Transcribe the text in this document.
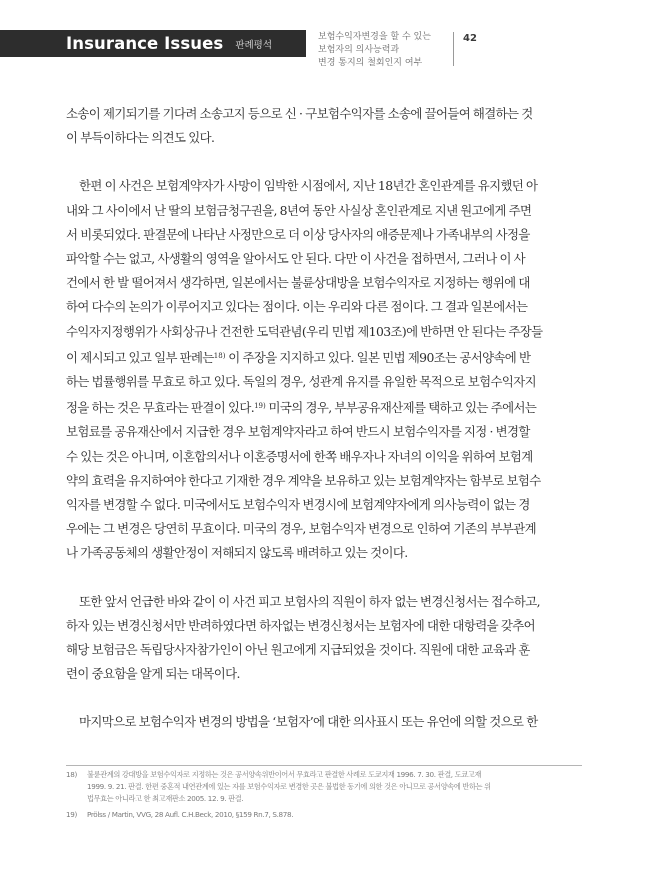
Insurance Issues 판례평석
보험수익자변경을 할 수 있는
보험자의 의사능력과
변경 통지의 철회인지 여부
42

소송이 제기되기를 기다려 소송고지 등으로 신 · 구보험수익자를 소송에 끌어들여 해결하는 것
이 부득이하다는 의견도 있다.

한편 이 사건은 보험계약자가 사망이 임박한 시점에서, 지난 18년간 혼인관계를 유지했던 아
내와 그 사이에서 난 딸의 보험금청구권을, 8년여 동안 사실상 혼인관계로 지낸 원고에게 주면
서 비롯되었다. 판결문에 나타난 사정만으로 더 이상 당사자의 애증문제나 가족내부의 사정을
파악할 수는 없고, 사생활의 영역을 알아서도 안 된다. 다만 이 사건을 접하면서, 그러나 이 사
건에서 한 발 떨어져서 생각하면, 일본에서는 불륜상대방을 보험수익자로 지정하는 행위에 대
하여 다수의 논의가 이루어지고 있다는 점이다. 이는 우리와 다른 점이다. 그 결과 일본에서는
수익자지정행위가 사회상규나 건전한 도덕관념(우리 민법 제103조)에 반하면 안 된다는 주장들
이 제시되고 있고 일부 판례는$^{18)}$ 이 주장을 지지하고 있다. 일본 민법 제90조는 공서양속에 반
하는 법률행위를 무효로 하고 있다. 독일의 경우, 성관계 유지를 유일한 목적으로 보험수익자지
정을 하는 것은 무효라는 판결이 있다.$^{19)}$ 미국의 경우, 부부공유재산제를 택하고 있는 주에서는
보험료를 공유재산에서 지급한 경우 보험계약자라고 하여 반드시 보험수익자를 지정 · 변경할
수 있는 것은 아니며, 이혼합의서나 이혼증명서에 한쪽 배우자나 자녀의 이익을 위하여 보험계
약의 효력을 유지하여야 한다고 기재한 경우 계약을 보유하고 있는 보험계약자는 함부로 보험수
익자를 변경할 수 없다. 미국에서도 보험수익자 변경시에 보험계약자에게 의사능력이 없는 경
우에는 그 변경은 당연히 무효이다. 미국의 경우, 보험수익자 변경으로 인하여 기존의 부부관계
나 가족공동체의 생활안정이 저해되지 않도록 배려하고 있는 것이다.

또한 앞서 언급한 바와 같이 이 사건 피고 보험사의 직원이 하자 없는 변경신청서는 접수하고,
하자 있는 변경신청서만 반려하였다면 하자없는 변경신청서는 보험자에 대한 대항력을 갖추어
해당 보험금은 독립당사자참가인이 아닌 원고에게 지급되었을 것이다. 직원에 대한 교육과 훈
련이 중요함을 알게 되는 대목이다.

마지막으로 보험수익자 변경의 방법을 ‘보험자’에 대한 의사표시 또는 유언에 의할 것으로 한

18) 불륜관계의 강대방을 보험수익자로 지정하는 것은 공서양속위반이어서 무효라고 판결한 사례로 도쿄지재 1996. 7. 30. 판결, 도쿄고재
1999. 9. 21. 판결. 한편 중혼적 내연관계에 있는 자를 보험수익자로 변경한 곳은 불법한 동기에 의한 것은 아니므로 공서양속에 반하는 위
법무효는 아니라고 한 최고재판소 2005. 12. 9. 판결.
19) Prölss / Martin, VVG, 28 Aufl. C.H.Beck, 2010, §159 Rn.7, S.878.
